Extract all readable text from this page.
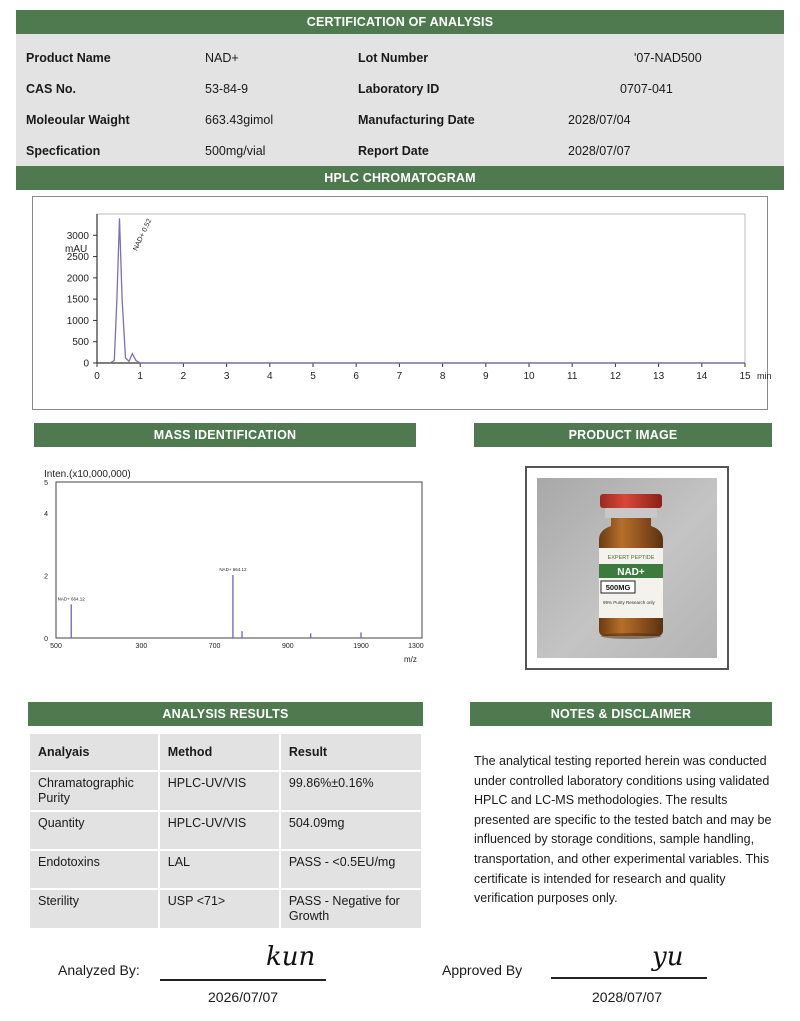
CERTIFICATION OF ANALYSIS
Product Name	NAD+	Lot Number	'07-NAD500
CAS No.	53-84-9	Laboratory ID	0707-041
Moleoular Waight	663.43gimol	Manufacturing Date	2028/07/04
Specfication	500mg/vial	Report Date	2028/07/07
HPLC CHROMATOGRAM
0	1	2	3	4	5	6	7	8	9	10	11	12	13	14	15
0
500
1000
1500
2000
2500
3000
mAU
min
NAD+ 0.52
MASS IDENTIFICATION
Inten.(x10,000,000)
5
4
2
0
500	300	700	900	1900	1300
m/z
NAD+ 664.12
NAD+ 664.12
PRODUCT IMAGE
EXPERT PEPTIDE
NAD+
500MG
99% Purity Research only
ANALYSIS RESULTS
Analyais	Method	Result
Chramatographic Purity	HPLC-UV/VIS	99.86%±0.16%
Quantity	HPLC-UV/VIS	504.09mg
Endotoxins	LAL	PASS - <0.5EU/mg
Sterility	USP <71>	PASS - Negative for Growth
NOTES & DISCLAIMER

The analytical testing reported herein was conducted under controlled laboratory conditions using validated HPLC and LC-MS methodologies. The results presented are specific to the tested batch and may be influenced by storage conditions, sample handling, transportation, and other experimental variables. This certificate is intended for research and quality verification purposes only.

Analyzed By:	kun
2026/07/07
Approved By	yu
2028/07/07
